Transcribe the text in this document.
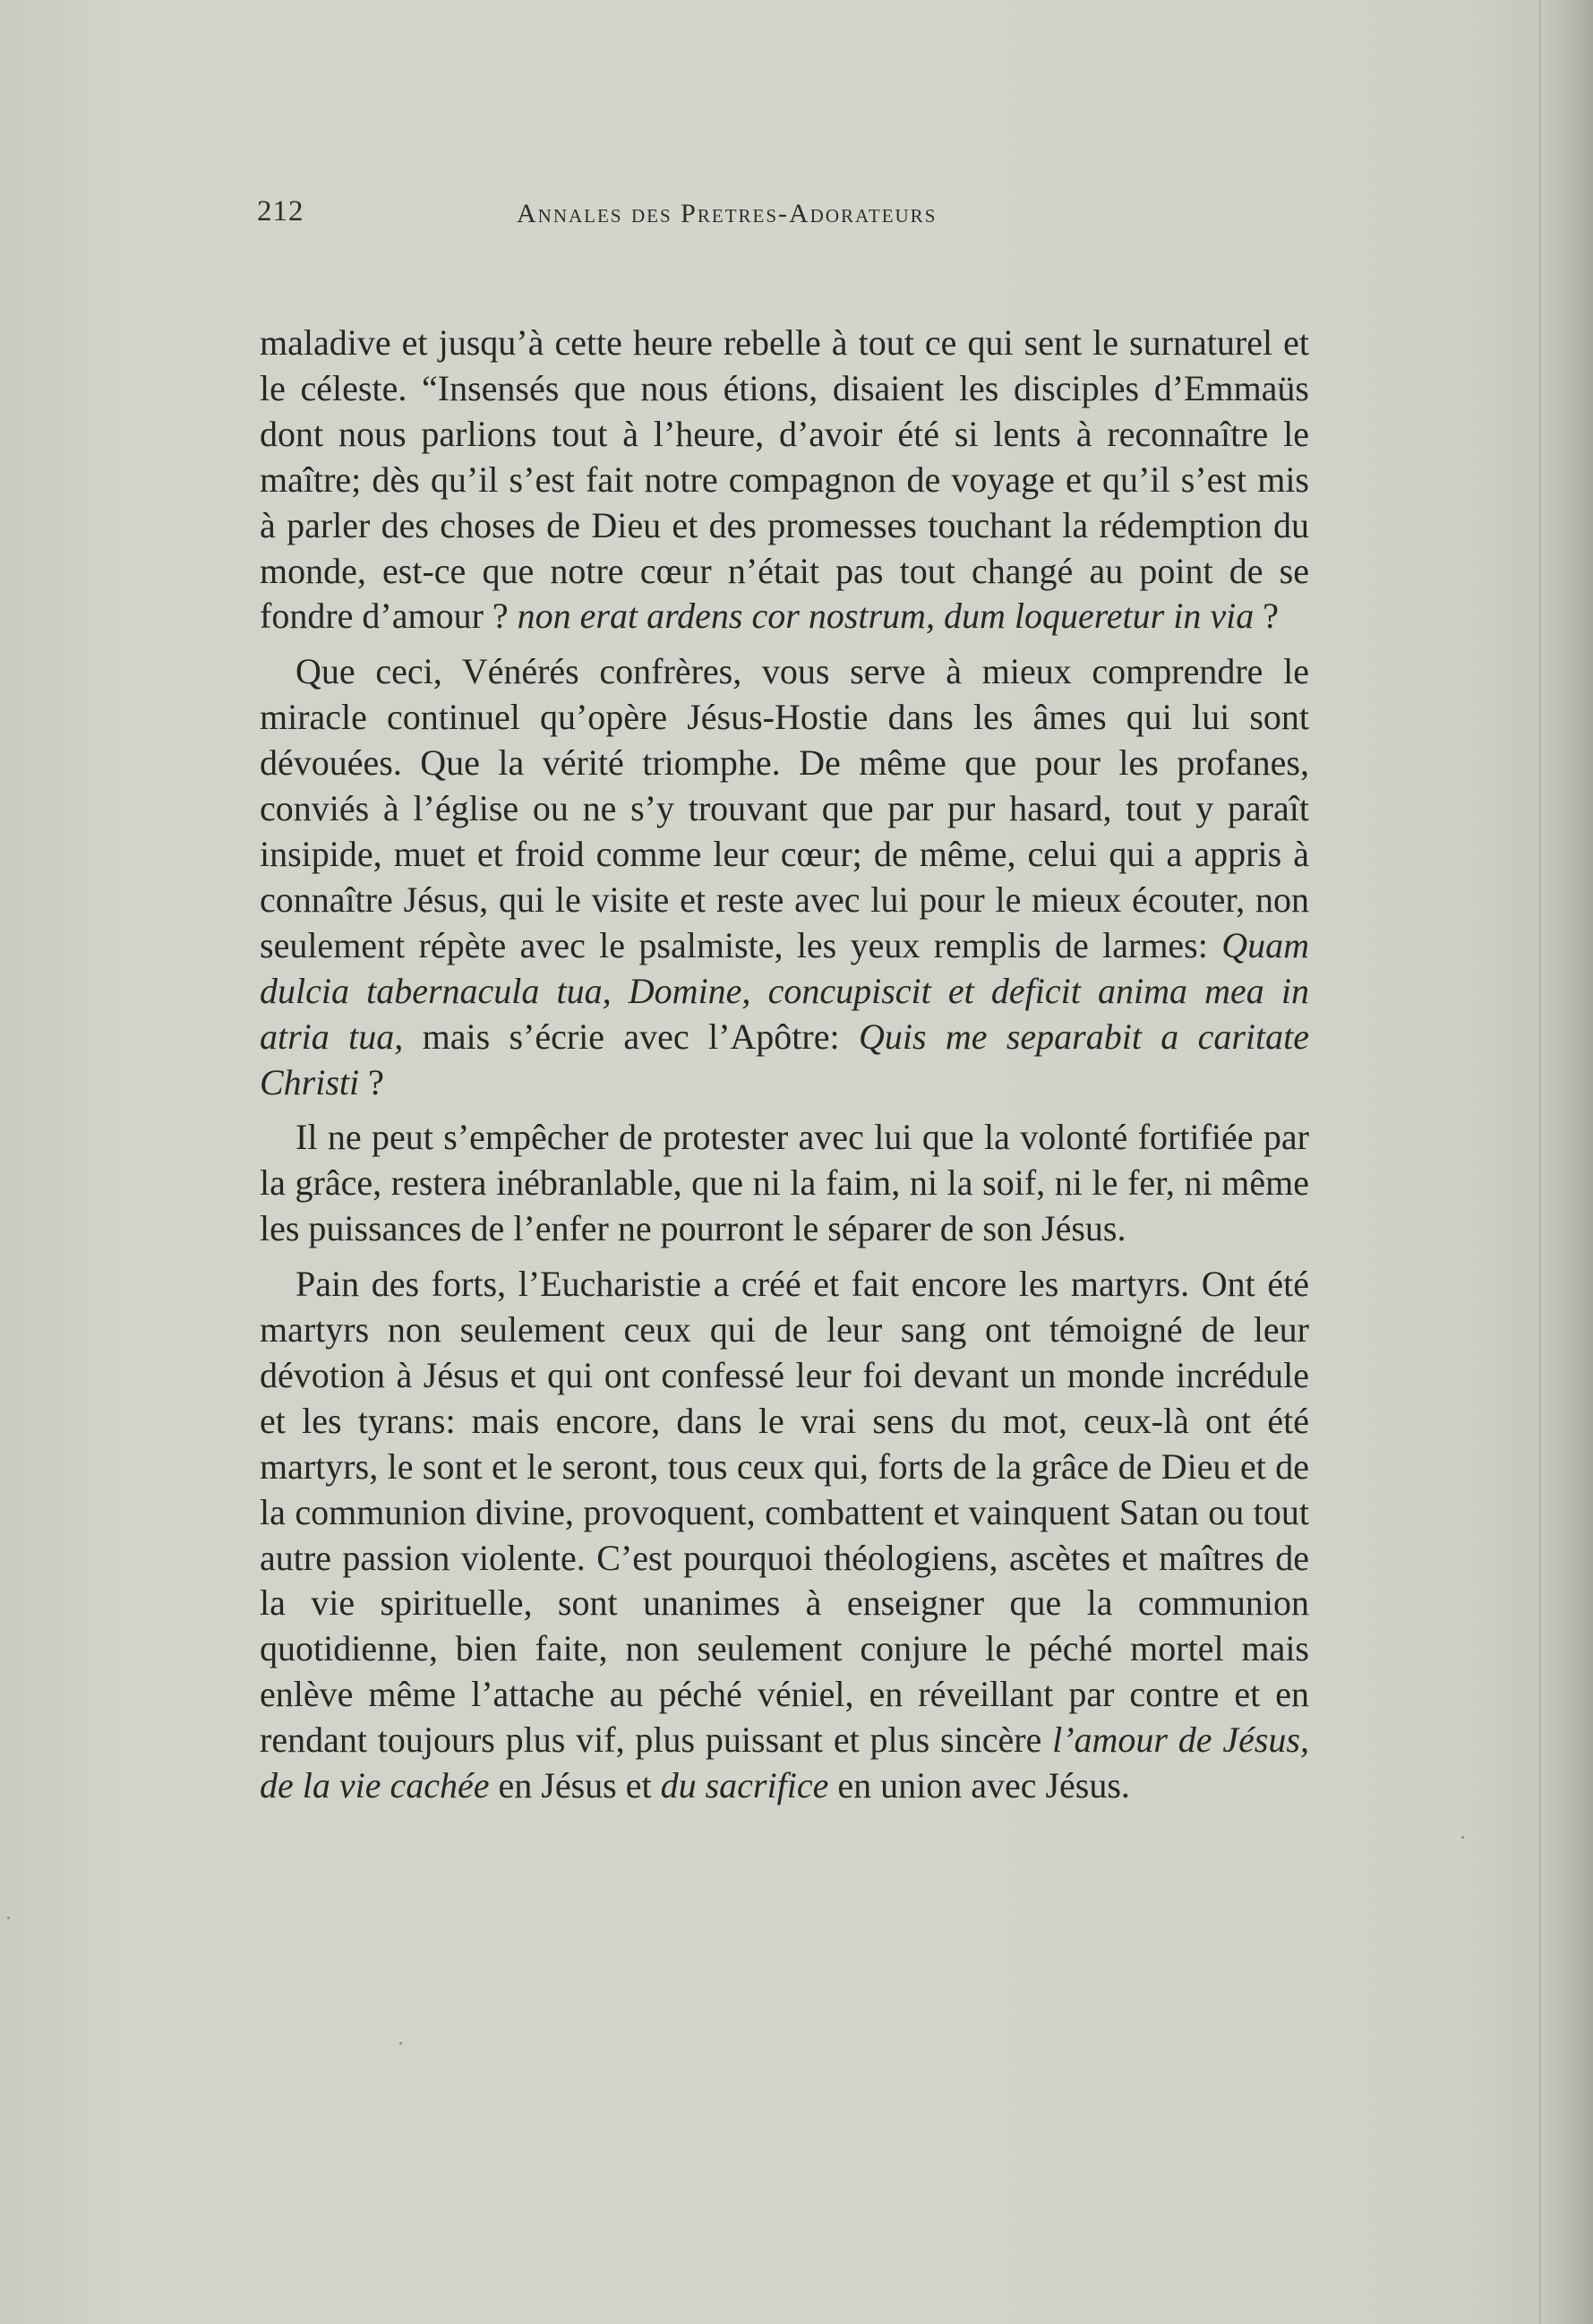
212	Annales des Pretres-Adorateurs

maladive et jusqu’à cette heure rebelle à tout ce qui sent le surnaturel et le céleste. “Insensés que nous étions, disaient les disciples d’Emmaüs dont nous parlions tout à l’heure, d’avoir été si lents à reconnaître le maître; dès qu’il s’est fait notre compagnon de voyage et qu’il s’est mis à parler des choses de Dieu et des promesses touchant la rédemption du monde, est-ce que notre cœur n’était pas tout changé au point de se fondre d’amour ? non erat ardens cor nostrum, dum loqueretur in via ?

Que ceci, Vénérés confrères, vous serve à mieux comprendre le miracle continuel qu’opère Jésus-Hostie dans les âmes qui lui sont dévouées. Que la vérité triomphe. De même que pour les profanes, conviés à l’église ou ne s’y trouvant que par pur hasard, tout y paraît insipide, muet et froid comme leur cœur; de même, celui qui a appris à connaître Jésus, qui le visite et reste avec lui pour le mieux écouter, non seulement répète avec le psalmiste, les yeux remplis de larmes: Quam dulcia tabernacula tua, Domine, concupiscit et deficit anima mea in atria tua, mais s’écrie avec l’Apôtre: Quis me separabit a caritate Christi ?

Il ne peut s’empêcher de protester avec lui que la volonté fortifiée par la grâce, restera inébranlable, que ni la faim, ni la soif, ni le fer, ni même les puissances de l’enfer ne pourront le séparer de son Jésus.

Pain des forts, l’Eucharistie a créé et fait encore les martyrs. Ont été martyrs non seulement ceux qui de leur sang ont témoigné de leur dévotion à Jésus et qui ont confessé leur foi devant un monde incrédule et les tyrans: mais encore, dans le vrai sens du mot, ceux-là ont été martyrs, le sont et le seront, tous ceux qui, forts de la grâce de Dieu et de la communion divine, provoquent, combattent et vainquent Satan ou tout autre passion violente. C’est pourquoi théologiens, ascètes et maîtres de la vie spirituelle, sont unanimes à enseigner que la communion quotidienne, bien faite, non seulement conjure le péché mortel mais enlève même l’attache au péché véniel, en réveillant par contre et en rendant toujours plus vif, plus puissant et plus sincère l’amour de Jésus, de la vie cachée en Jésus et du sacrifice en union avec Jésus.
